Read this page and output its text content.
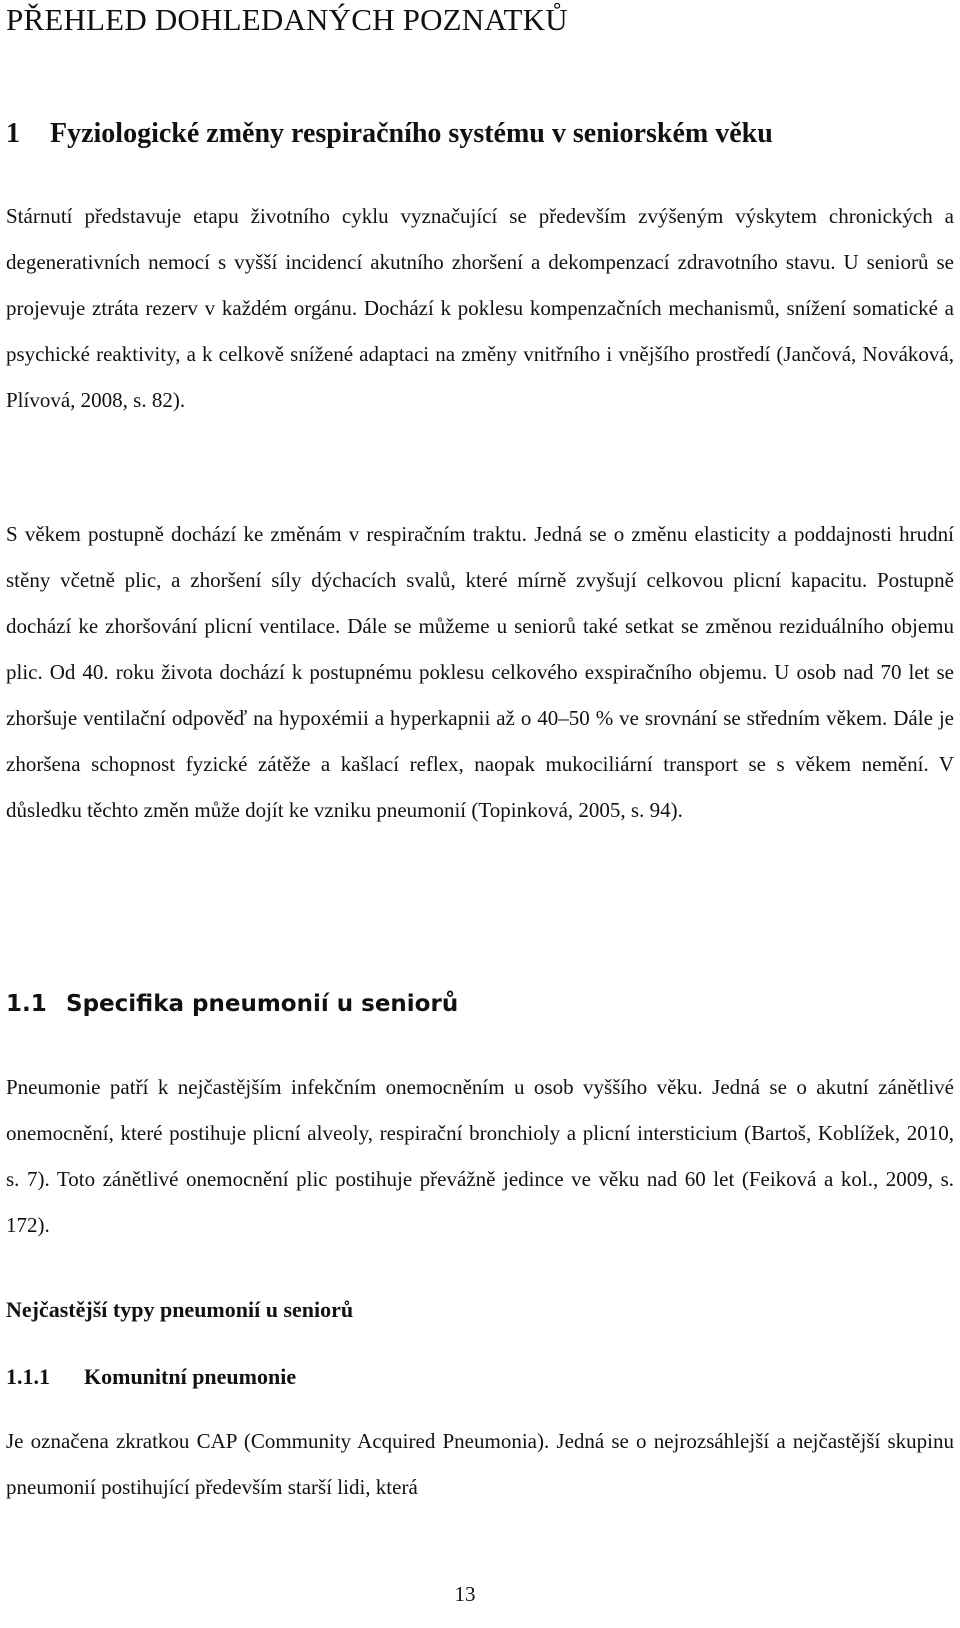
PŘEHLED DOHLEDANÝCH POZNATKŮ
1 Fyziologické změny respiračního systému v seniorském věku

Stárnutí představuje etapu životního cyklu vyznačující se především zvýšeným výskytem chronických a degenerativních nemocí s vyšší incidencí akutního zhoršení a dekompenzací zdravotního stavu. U seniorů se projevuje ztráta rezerv v každém orgánu. Dochází k poklesu kompenzačních mechanismů, snížení somatické a psychické reaktivity, a k celkově snížené adaptaci na změny vnitřního i vnějšího prostředí (Jančová, Nováková, Plívová, 2008, s. 82).

S věkem postupně dochází ke změnám v respiračním traktu. Jedná se o změnu elasticity a poddajnosti hrudní stěny včetně plic, a zhoršení síly dýchacích svalů, které mírně zvyšují celkovou plicní kapacitu. Postupně dochází ke zhoršování plicní ventilace. Dále se můžeme u seniorů také setkat se změnou reziduálního objemu plic. Od 40. roku života dochází k postupnému poklesu celkového exspiračního objemu. U osob nad 70 let se zhoršuje ventilační odpověď na hypoxémii a hyperkapnii až o 40–50 % ve srovnání se středním věkem. Dále je zhoršena schopnost fyzické zátěže a kašlací reflex, naopak mukociliární transport se s věkem nemění. V důsledku těchto změn může dojít ke vzniku pneumonií (Topinková, 2005, s. 94).

1.1 Specifika pneumonií u seniorů

Pneumonie patří k nejčastějším infekčním onemocněním u osob vyššího věku. Jedná se o akutní zánětlivé onemocnění, které postihuje plicní alveoly, respirační bronchioly a plicní intersticium (Bartoš, Koblížek, 2010, s. 7). Toto zánětlivé onemocnění plic postihuje převážně jedince ve věku nad 60 let (Feiková a kol., 2009, s. 172).

Nejčastější typy pneumonií u seniorů
1.1.1 Komunitní pneumonie

Je označena zkratkou CAP (Community Acquired Pneumonia). Jedná se o nejrozsáhlejší a nejčastější skupinu pneumonií postihující především starší lidi, která

13
